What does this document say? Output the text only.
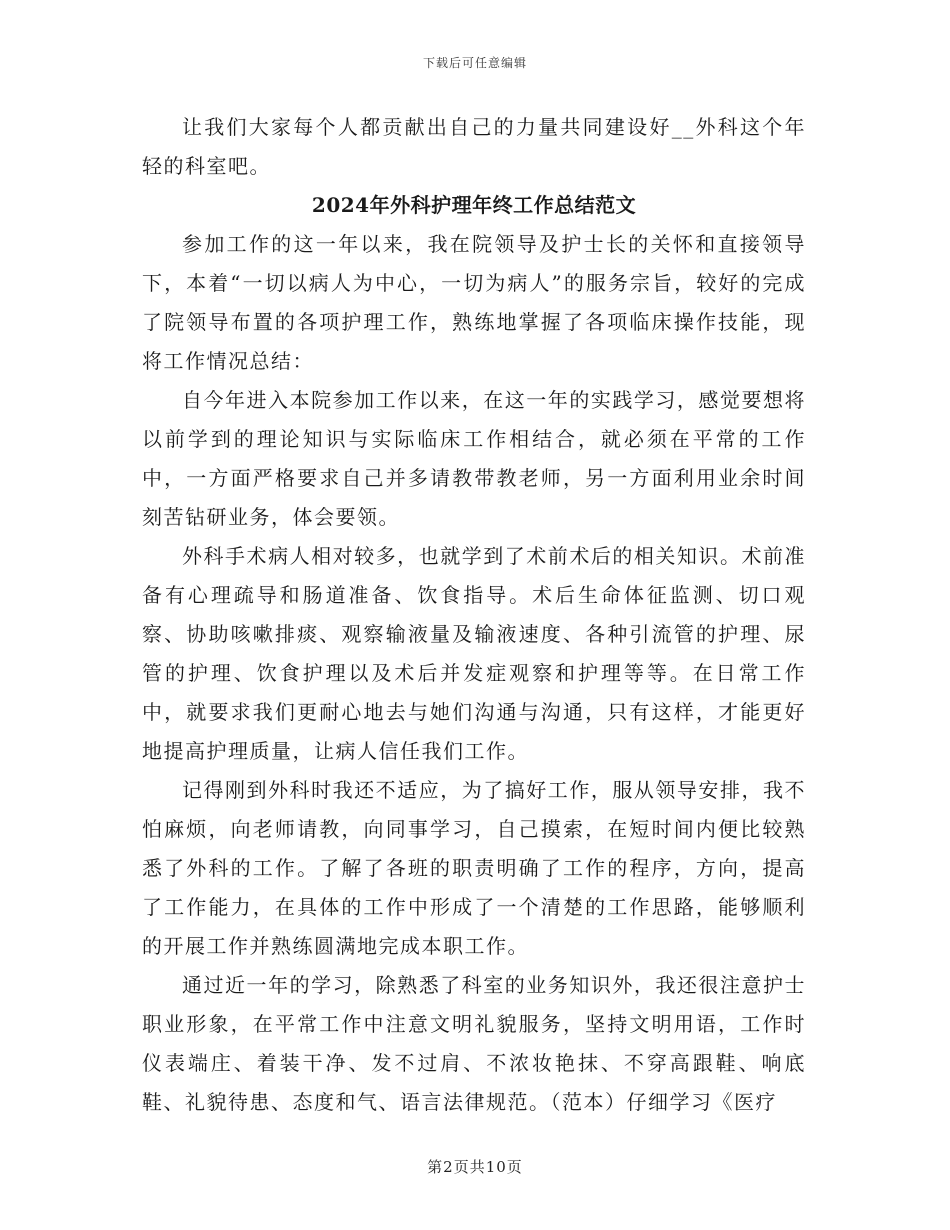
下载后可任意编辑

让我们大家每个人都贡献出自己的力量共同建设好__外科这个年轻的科室吧。

2024年外科护理年终工作总结范文

参加工作的这一年以来，我在院领导及护士长的关怀和直接领导下，本着“一切以病人为中心，一切为病人”的服务宗旨，较好的完成了院领导布置的各项护理工作，熟练地掌握了各项临床操作技能，现将工作情况总结：

自今年进入本院参加工作以来，在这一年的实践学习，感觉要想将以前学到的理论知识与实际临床工作相结合，就必须在平常的工作中，一方面严格要求自己并多请教带教老师，另一方面利用业余时间刻苦钻研业务，体会要领。

外科手术病人相对较多，也就学到了术前术后的相关知识。术前准备有心理疏导和肠道准备、饮食指导。术后生命体征监测、切口观察、协助咳嗽排痰、观察输液量及输液速度、各种引流管的护理、尿管的护理、饮食护理以及术后并发症观察和护理等等。在日常工作中，就要求我们更耐心地去与她们沟通与沟通，只有这样，才能更好地提高护理质量，让病人信任我们工作。

记得刚到外科时我还不适应，为了搞好工作，服从领导安排，我不怕麻烦，向老师请教，向同事学习，自己摸索，在短时间内便比较熟悉了外科的工作。了解了各班的职责明确了工作的程序，方向，提高了工作能力，在具体的工作中形成了一个清楚的工作思路，能够顺利的开展工作并熟练圆满地完成本职工作。

通过近一年的学习，除熟悉了科室的业务知识外，我还很注意护士职业形象，在平常工作中注意文明礼貌服务，坚持文明用语，工作时仪表端庄、着装干净、发不过肩、不浓妆艳抹、不穿高跟鞋、响底鞋、礼貌待患、态度和气、语言法律规范。（范本）仔细学习《医疗

第2页共10页
